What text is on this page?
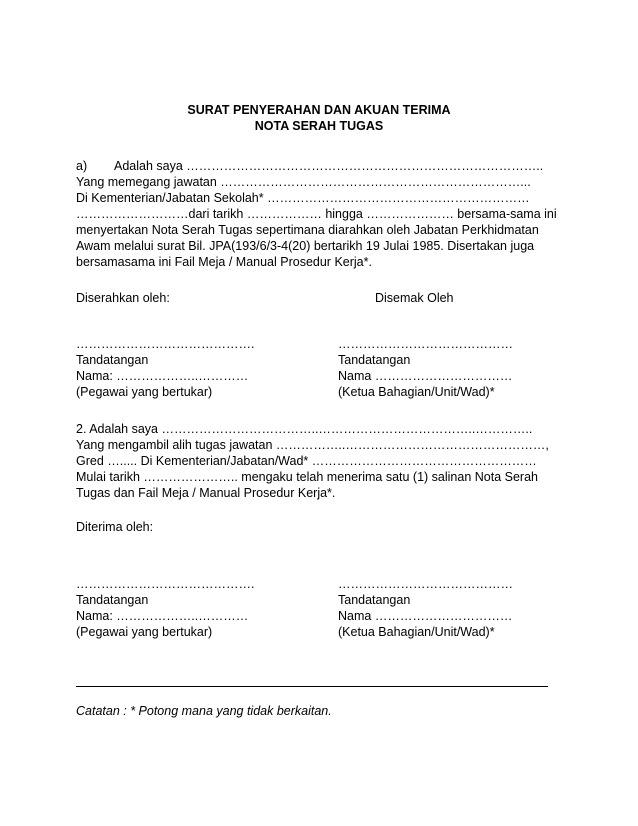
SURAT PENYERAHAN DAN AKUAN TERIMA
NOTA SERAH TUGAS
a) Adalah saya …………………………………………………………………………..
Yang memegang jawatan ………………………………………………………………...
Di Kementerian/Jabatan Sekolah* ………………………………………………………
………………………dari tarikh ……………… hingga ………………… bersama-sama ini
menyertakan Nota Serah Tugas sepertimana diarahkan oleh Jabatan Perkhidmatan
Awam melalui surat Bil. JPA(193/6/3-4(20) bertarikh 19 Julai 1985. Disertakan juga
bersamasama ini Fail Meja / Manual Prosedur Kerja*.
Diserahkan oleh:	Disemak Oleh
…………………………………….
Tandatangan
Nama: ………………..…………
(Pegawai yang bertukar)
……………………………………
Tandatangan
Nama ……………………………
(Ketua Bahagian/Unit/Wad)*
2. Adalah saya ………………………………..………………………………..…………..
Yang mengambil alih tugas jawatan ……………..…………………………………………,
Gred …..... Di Kementerian/Jabatan/Wad* ………………………………………………
Mulai tarikh ………………….. mengaku telah menerima satu (1) salinan Nota Serah
Tugas dan Fail Meja / Manual Prosedur Kerja*.
Diterima oleh:
…………………………………….
Tandatangan
Nama: ………………..…………
(Pegawai yang bertukar)
……………………………………
Tandatangan
Nama ……………………………
(Ketua Bahagian/Unit/Wad)*
Catatan : * Potong mana yang tidak berkaitan.
